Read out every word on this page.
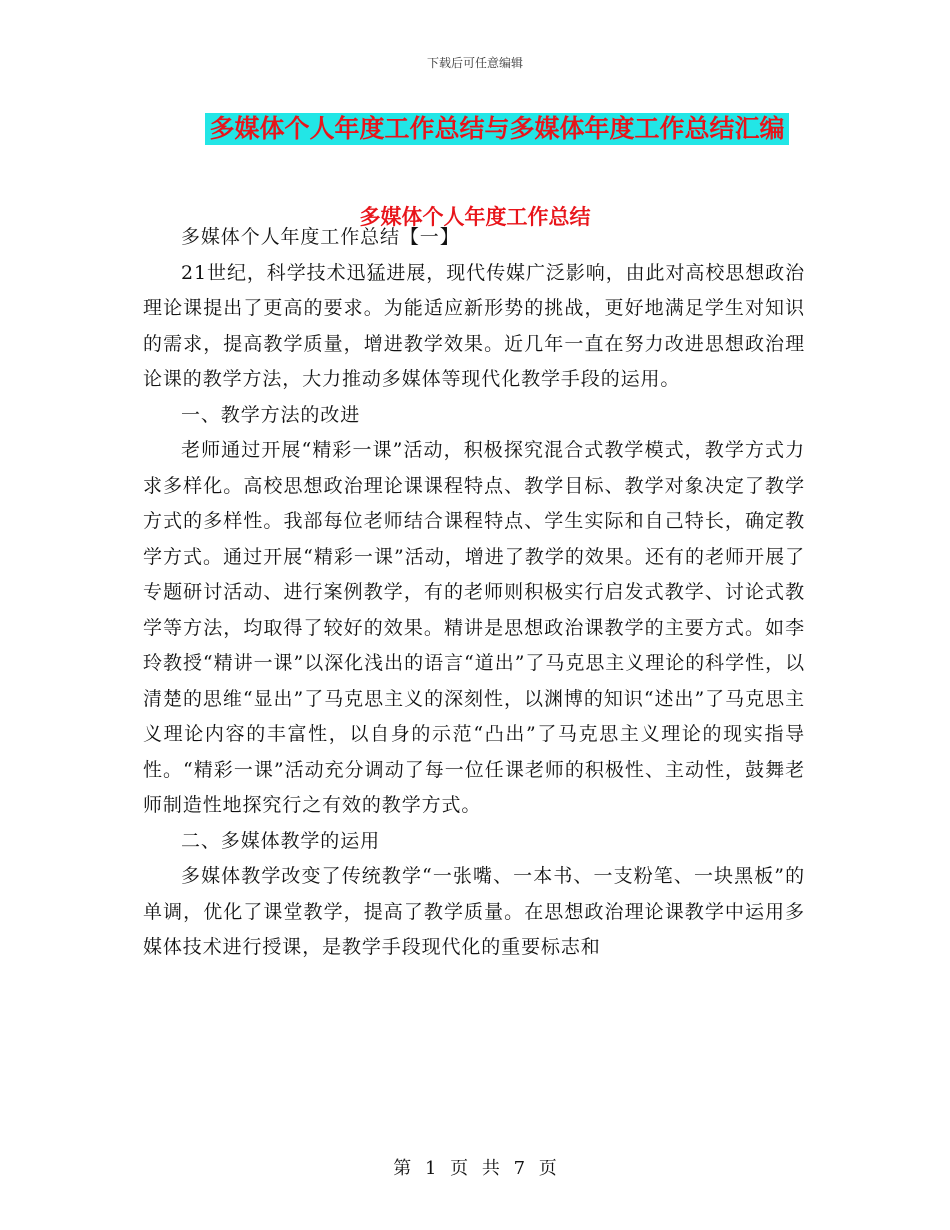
下载后可任意编辑
多媒体个人年度工作总结与多媒体年度工作总结汇编
多媒体个人年度工作总结

多媒体个人年度工作总结【一】

21世纪，科学技术迅猛进展，现代传媒广泛影响，由此对高校思想政治理论课提出了更高的要求。为能适应新形势的挑战，更好地满足学生对知识的需求，提高教学质量，增进教学效果。近几年一直在努力改进思想政治理论课的教学方法，大力推动多媒体等现代化教学手段的运用。

一、教学方法的改进

老师通过开展“精彩一课”活动，积极探究混合式教学模式，教学方式力求多样化。高校思想政治理论课课程特点、教学目标、教学对象决定了教学方式的多样性。我部每位老师结合课程特点、学生实际和自己特长，确定教学方式。通过开展“精彩一课”活动，增进了教学的效果。还有的老师开展了专题研讨活动、进行案例教学，有的老师则积极实行启发式教学、讨论式教学等方法，均取得了较好的效果。精讲是思想政治课教学的主要方式。如李玲教授“精讲一课”以深化浅出的语言“道出”了马克思主义理论的科学性，以清楚的思维“显出”了马克思主义的深刻性，以渊博的知识“述出”了马克思主义理论内容的丰富性，以自身的示范“凸出”了马克思主义理论的现实指导性。“精彩一课”活动充分调动了每一位任课老师的积极性、主动性，鼓舞老师制造性地探究行之有效的教学方式。

二、多媒体教学的运用

多媒体教学改变了传统教学“一张嘴、一本书、一支粉笔、一块黑板”的单调，优化了课堂教学，提高了教学质量。在思想政治理论课教学中运用多媒体技术进行授课，是教学手段现代化的重要标志和

第 1 页 共 7 页
